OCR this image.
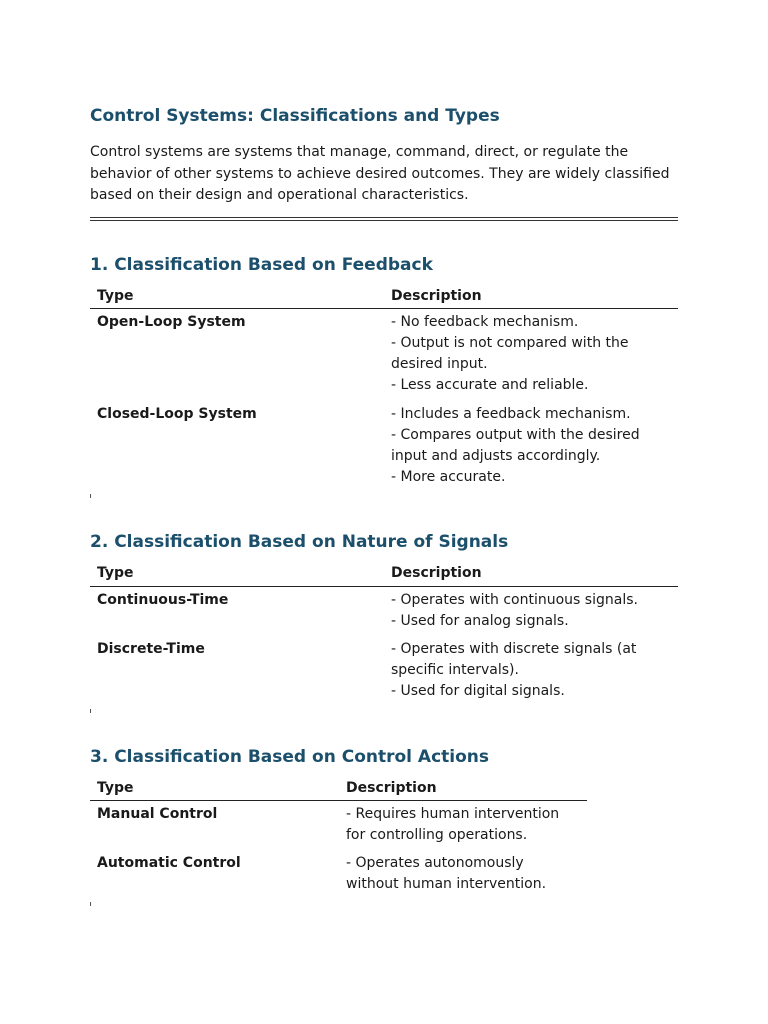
Control Systems: Classifications and Types

Control systems are systems that manage, command, direct, or regulate the behavior of other systems to achieve desired outcomes. They are widely classified based on their design and operational characteristics.

1. Classification Based on Feedback
Type	Description
Open-Loop System	- No feedback mechanism.
- Output is not compared with the desired input.
- Less accurate and reliable.

Closed-Loop System	- Includes a feedback mechanism.
- Compares output with the desired input and adjusts accordingly.
- More accurate.
2. Classification Based on Nature of Signals
Type	Description
Continuous-Time	- Operates with continuous signals.
- Used for analog signals.

Discrete-Time	- Operates with discrete signals (at specific intervals).
- Used for digital signals.
3. Classification Based on Control Actions
Type	Description
Manual Control	- Requires human intervention for controlling operations.

Automatic Control	- Operates autonomously without human intervention.
